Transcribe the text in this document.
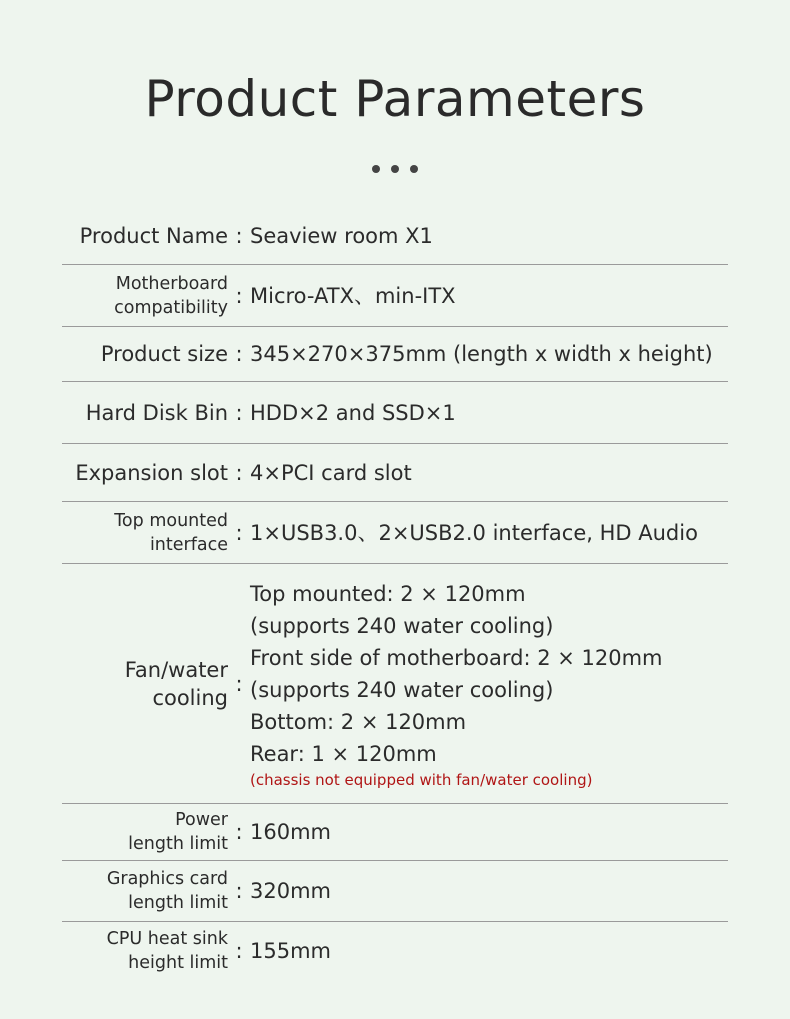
Product Parameters
Product Name : Seaview room X1
Motherboard
compatibility : Micro-ATX、min-ITX
Product size : 345×270×375mm (length x width x height)
Hard Disk Bin : HDD×2 and SSD×1
Expansion slot : 4×PCI card slot
Top mounted
interface : 1×USB3.0、2×USB2.0 interface, HD Audio
Fan/water
cooling
:
Top mounted: 2 × 120mm
(supports 240 water cooling)
Front side of motherboard: 2 × 120mm
(supports 240 water cooling)
Bottom: 2 × 120mm
Rear: 1 × 120mm
(chassis not equipped with fan/water cooling)
Power
length limit : 160mm
Graphics card
length limit : 320mm
CPU heat sink
height limit : 155mm
